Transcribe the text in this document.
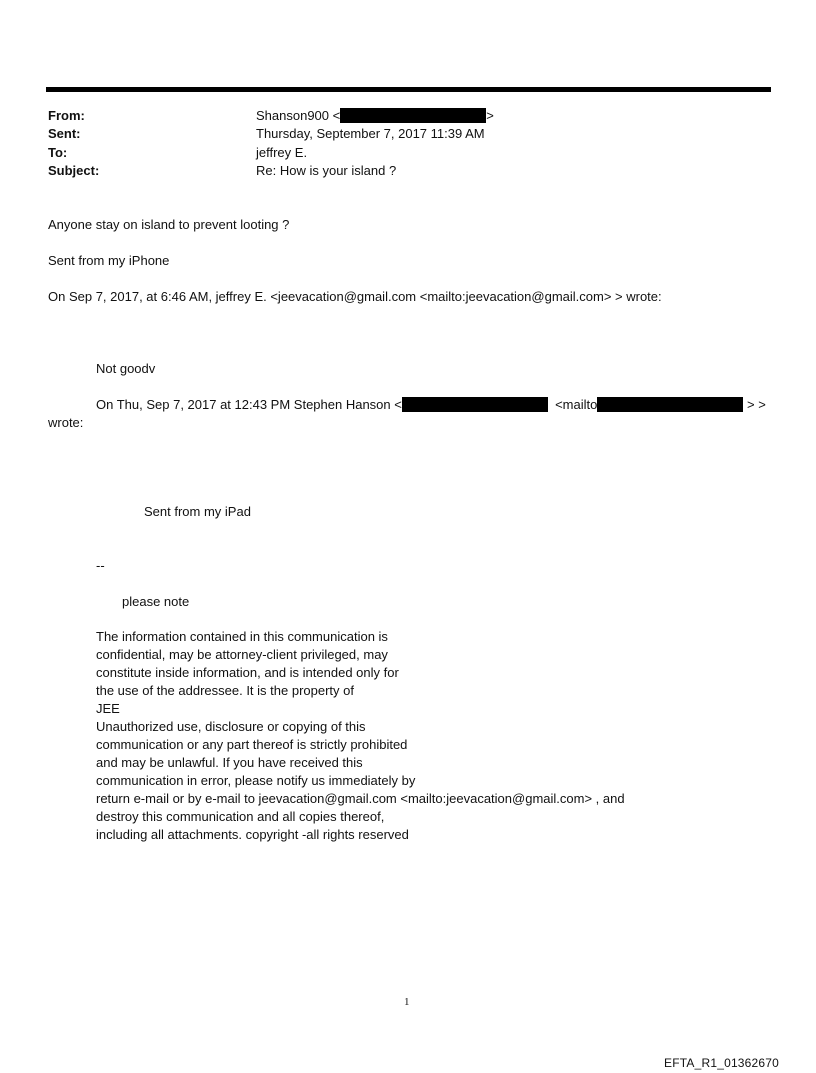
From:	Shanson900 <	>
Sent:	Thursday, September 7, 2017 11:39 AM
To:	jeffrey E.
Subject:	Re: How is your island ?
Anyone stay on island to prevent looting ?
Sent from my iPhone
On Sep 7, 2017, at 6:46 AM, jeffrey E. <jeevacation@gmail.com <mailto:jeevacation@gmail.com> > wrote:
Not goodv
On Thu, Sep 7, 2017 at 12:43 PM Stephen Hanson <	<mailto	> >
wrote:
Sent from my iPad
--
please note
The information contained in this communication is
confidential, may be attorney-client privileged, may
constitute inside information, and is intended only for
the use of the addressee. It is the property of
JEE
Unauthorized use, disclosure or copying of this
communication or any part thereof is strictly prohibited
and may be unlawful. If you have received this
communication in error, please notify us immediately by
return e-mail or by e-mail to jeevacation@gmail.com <mailto:jeevacation@gmail.com> , and
destroy this communication and all copies thereof,
including all attachments. copyright -all rights reserved
1
EFTA_R1_01362670
